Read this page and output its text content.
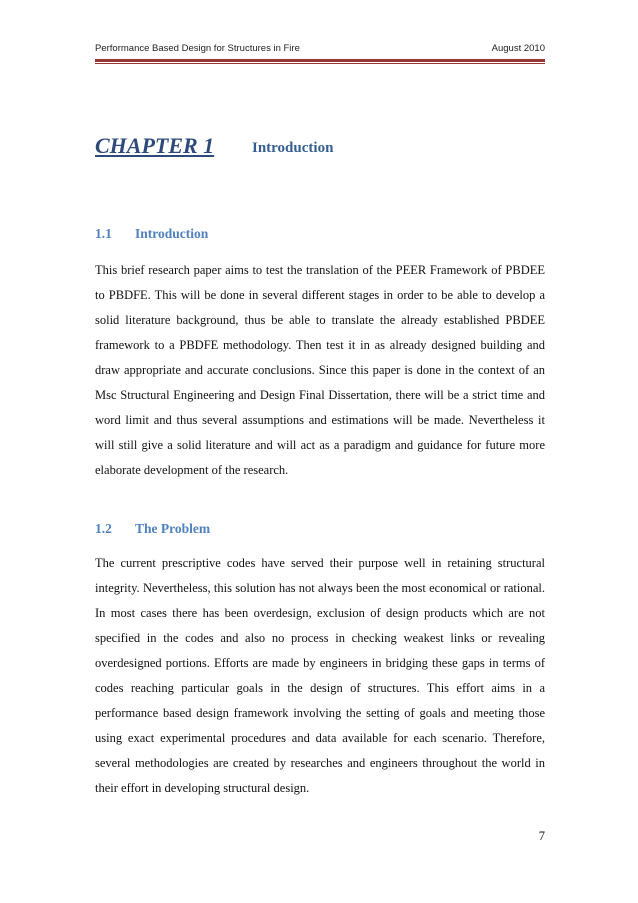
Performance Based Design for Structures in Fire	August 2010
CHAPTER 1	Introduction
1.1 Introduction

This brief research paper aims to test the translation of the PEER Framework of PBDEE to PBDFE. This will be done in several different stages in order to be able to develop a solid literature background, thus be able to translate the already established PBDEE framework to a PBDFE methodology. Then test it in as already designed building and draw appropriate and accurate conclusions. Since this paper is done in the context of an Msc Structural Engineering and Design Final Dissertation, there will be a strict time and word limit and thus several assumptions and estimations will be made. Nevertheless it will still give a solid literature and will act as a paradigm and guidance for future more elaborate development of the research.

1.2 The Problem

The current prescriptive codes have served their purpose well in retaining structural integrity. Nevertheless, this solution has not always been the most economical or rational. In most cases there has been overdesign, exclusion of design products which are not specified in the codes and also no process in checking weakest links or revealing overdesigned portions. Efforts are made by engineers in bridging these gaps in terms of codes reaching particular goals in the design of structures. This effort aims in a performance based design framework involving the setting of goals and meeting those using exact experimental procedures and data available for each scenario. Therefore, several methodologies are created by researches and engineers throughout the world in their effort in developing structural design.

7
